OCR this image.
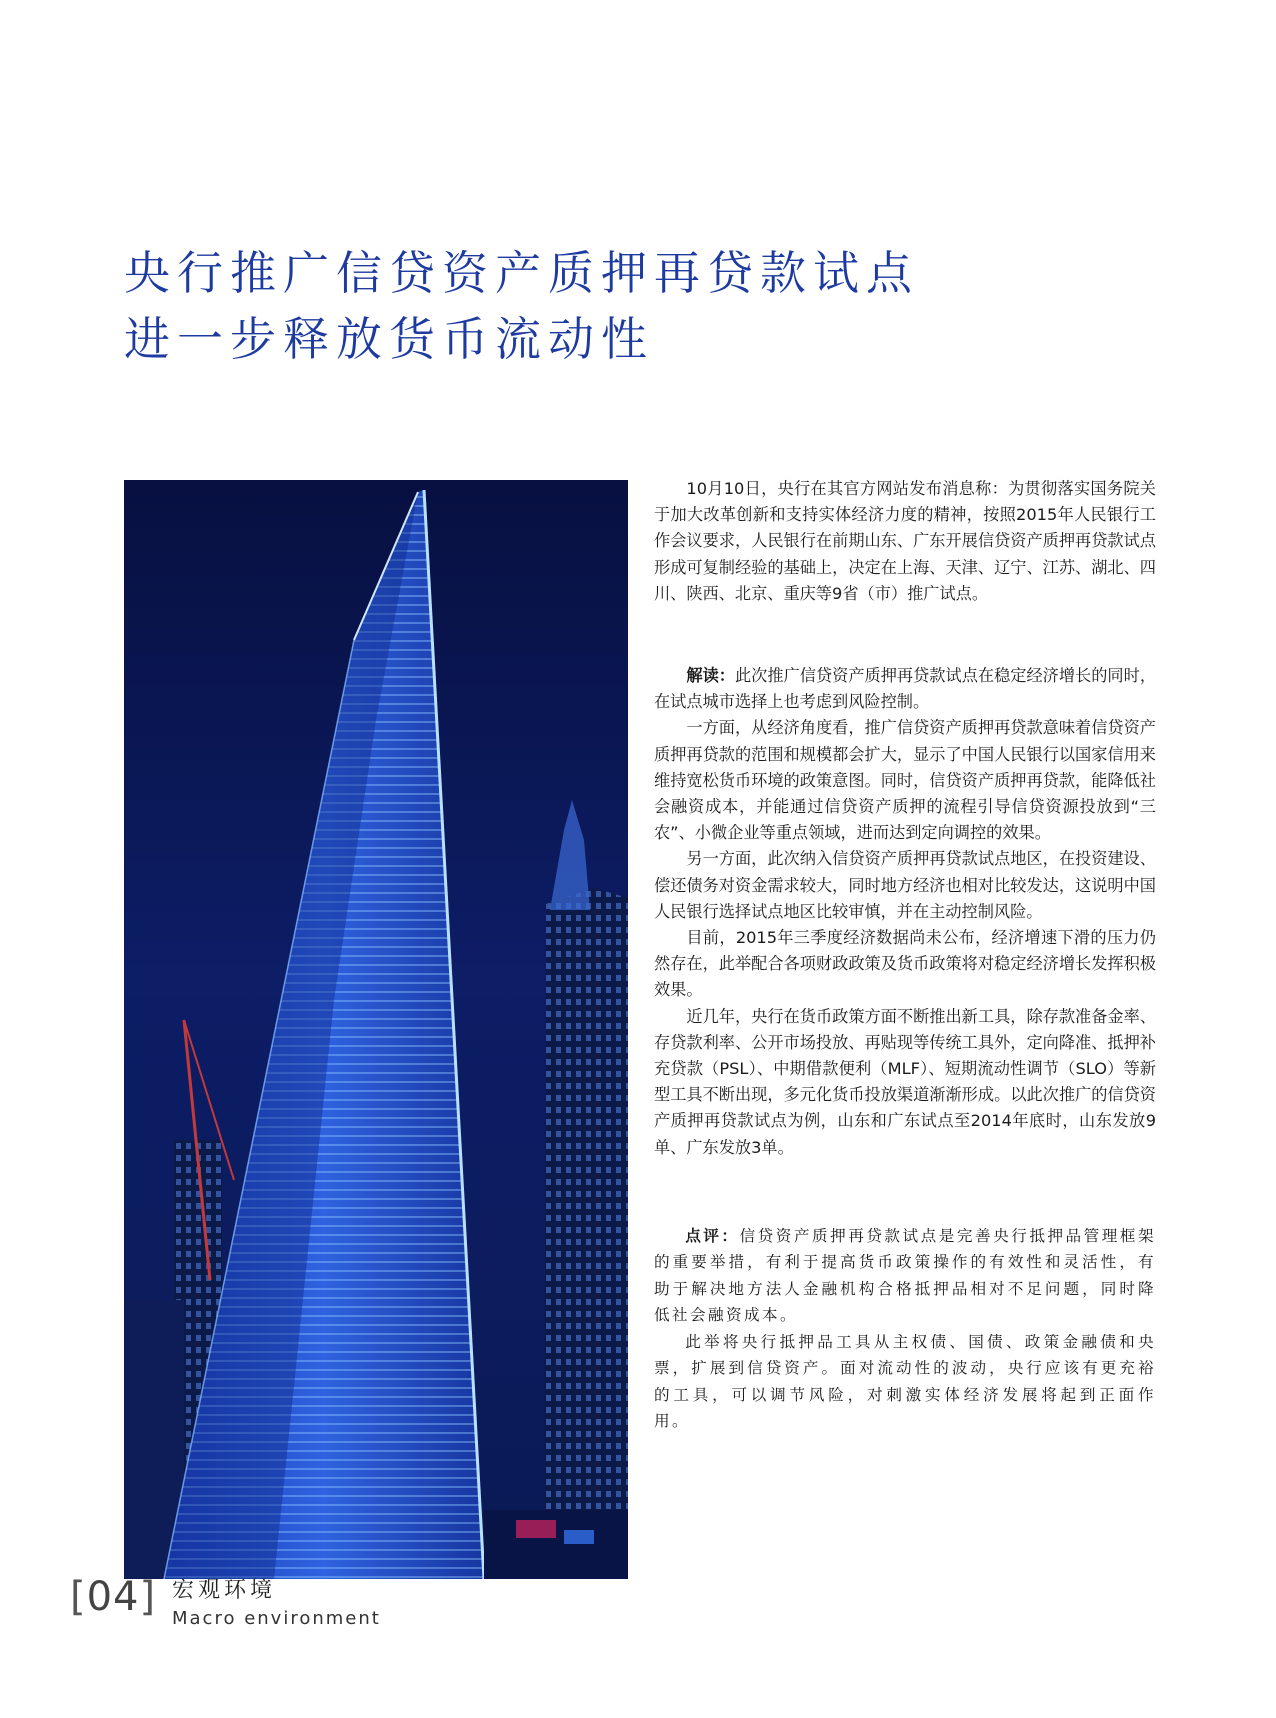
央行推广信贷资产质押再贷款试点
进一步释放货币流动性

10月10日，央行在其官方网站发布消息称：为贯彻落实国务院关于加大改革创新和支持实体经济力度的精神，按照2015年人民银行工作会议要求，人民银行在前期山东、广东开展信贷资产质押再贷款试点形成可复制经验的基础上，决定在上海、天津、辽宁、江苏、湖北、四川、陕西、北京、重庆等9省（市）推广试点。

解读：此次推广信贷资产质押再贷款试点在稳定经济增长的同时，在试点城市选择上也考虑到风险控制。

一方面，从经济角度看，推广信贷资产质押再贷款意味着信贷资产质押再贷款的范围和规模都会扩大，显示了中国人民银行以国家信用来维持宽松货币环境的政策意图。同时，信贷资产质押再贷款，能降低社会融资成本，并能通过信贷资产质押的流程引导信贷资源投放到“三农”、小微企业等重点领域，进而达到定向调控的效果。

另一方面，此次纳入信贷资产质押再贷款试点地区，在投资建设、偿还债务对资金需求较大，同时地方经济也相对比较发达，这说明中国人民银行选择试点地区比较审慎，并在主动控制风险。

目前，2015年三季度经济数据尚未公布，经济增速下滑的压力仍然存在，此举配合各项财政政策及货币政策将对稳定经济增长发挥积极效果。

近几年，央行在货币政策方面不断推出新工具，除存款准备金率、存贷款利率、公开市场投放、再贴现等传统工具外，定向降准、抵押补充贷款（PSL）、中期借款便利（MLF）、短期流动性调节（SLO）等新型工具不断出现，多元化货币投放渠道渐渐形成。以此次推广的信贷资产质押再贷款试点为例，山东和广东试点至2014年底时，山东发放9单、广东发放3单。

点评：信贷资产质押再贷款试点是完善央行抵押品管理框架的重要举措，有利于提高货币政策操作的有效性和灵活性，有助于解决地方法人金融机构合格抵押品相对不足问题，同时降低社会融资成本。

此举将央行抵押品工具从主权债、国债、政策金融债和央票，扩展到信贷资产。面对流动性的波动，央行应该有更充裕的工具，可以调节风险，对刺激实体经济发展将起到正面作用。

[04] 宏观环境
Macro environment
